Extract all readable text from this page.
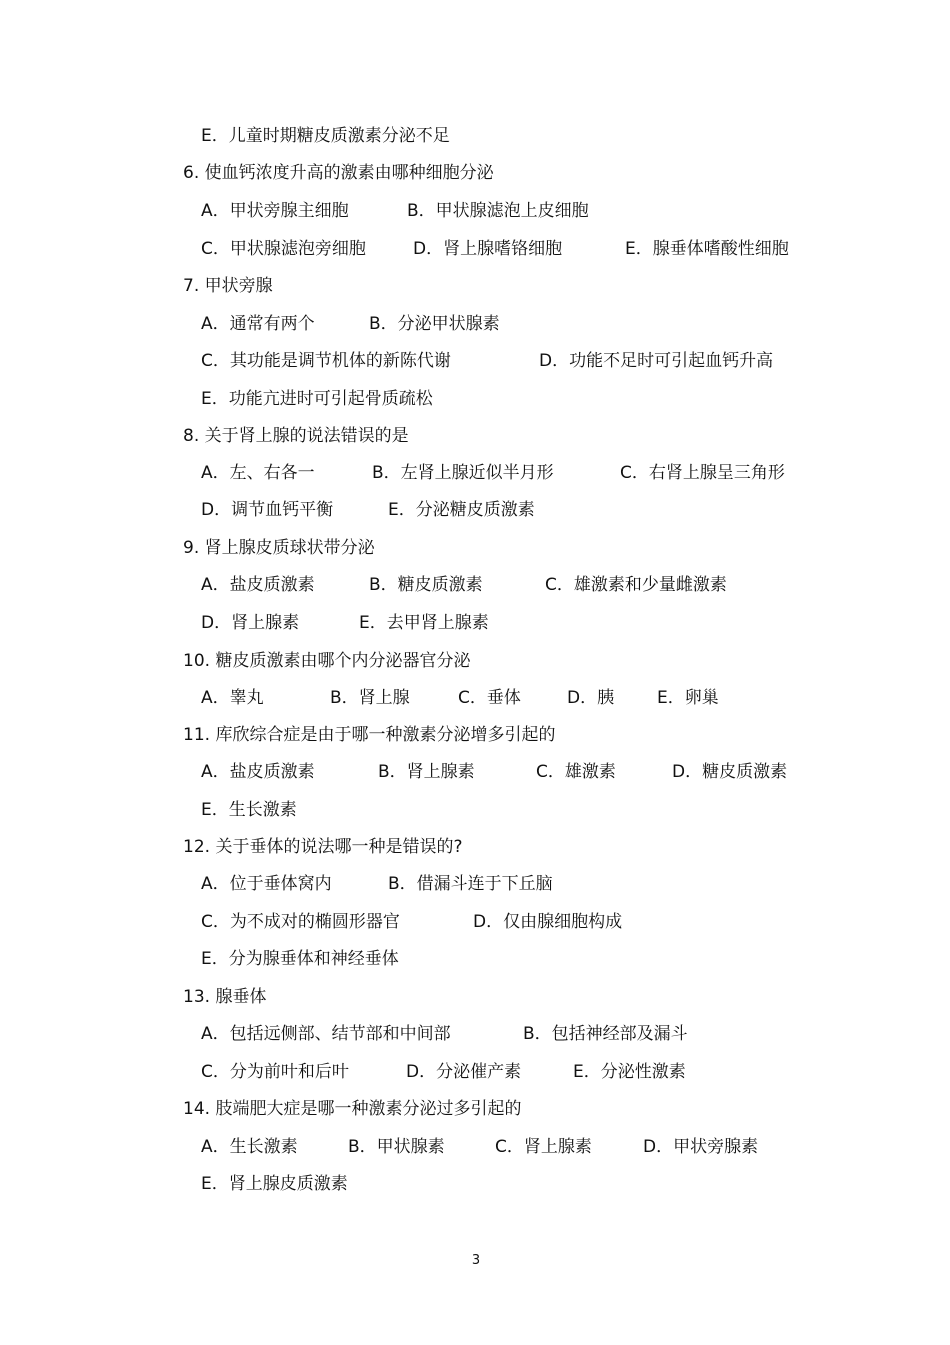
E．儿童时期糖皮质激素分泌不足
6. 使血钙浓度升高的激素由哪种细胞分泌
A．甲状旁腺主细胞	B．甲状腺滤泡上皮细胞
C．甲状腺滤泡旁细胞	D．肾上腺嗜铬细胞	E．腺垂体嗜酸性细胞
7. 甲状旁腺
A．通常有两个	B．分泌甲状腺素
C．其功能是调节机体的新陈代谢	D．功能不足时可引起血钙升高
E．功能亢进时可引起骨质疏松
8. 关于肾上腺的说法错误的是
A．左、右各一	B．左肾上腺近似半月形	C．右肾上腺呈三角形
D．调节血钙平衡	E．分泌糖皮质激素
9. 肾上腺皮质球状带分泌
A．盐皮质激素	B．糖皮质激素	C．雄激素和少量雌激素
D．肾上腺素	E．去甲肾上腺素
10. 糖皮质激素由哪个内分泌器官分泌
A．睾丸	B．肾上腺	C．垂体	D．胰	E．卵巢
11. 库欣综合症是由于哪一种激素分泌增多引起的
A．盐皮质激素	B．肾上腺素	C．雄激素	D．糖皮质激素
E．生长激素
12. 关于垂体的说法哪一种是错误的?
A．位于垂体窝内	B．借漏斗连于下丘脑
C．为不成对的椭圆形器官	D．仅由腺细胞构成
E．分为腺垂体和神经垂体
13. 腺垂体
A．包括远侧部、结节部和中间部	B．包括神经部及漏斗
C．分为前叶和后叶	D．分泌催产素	E．分泌性激素
14. 肢端肥大症是哪一种激素分泌过多引起的
A．生长激素	B．甲状腺素	C．肾上腺素	D．甲状旁腺素
E．肾上腺皮质激素
3
